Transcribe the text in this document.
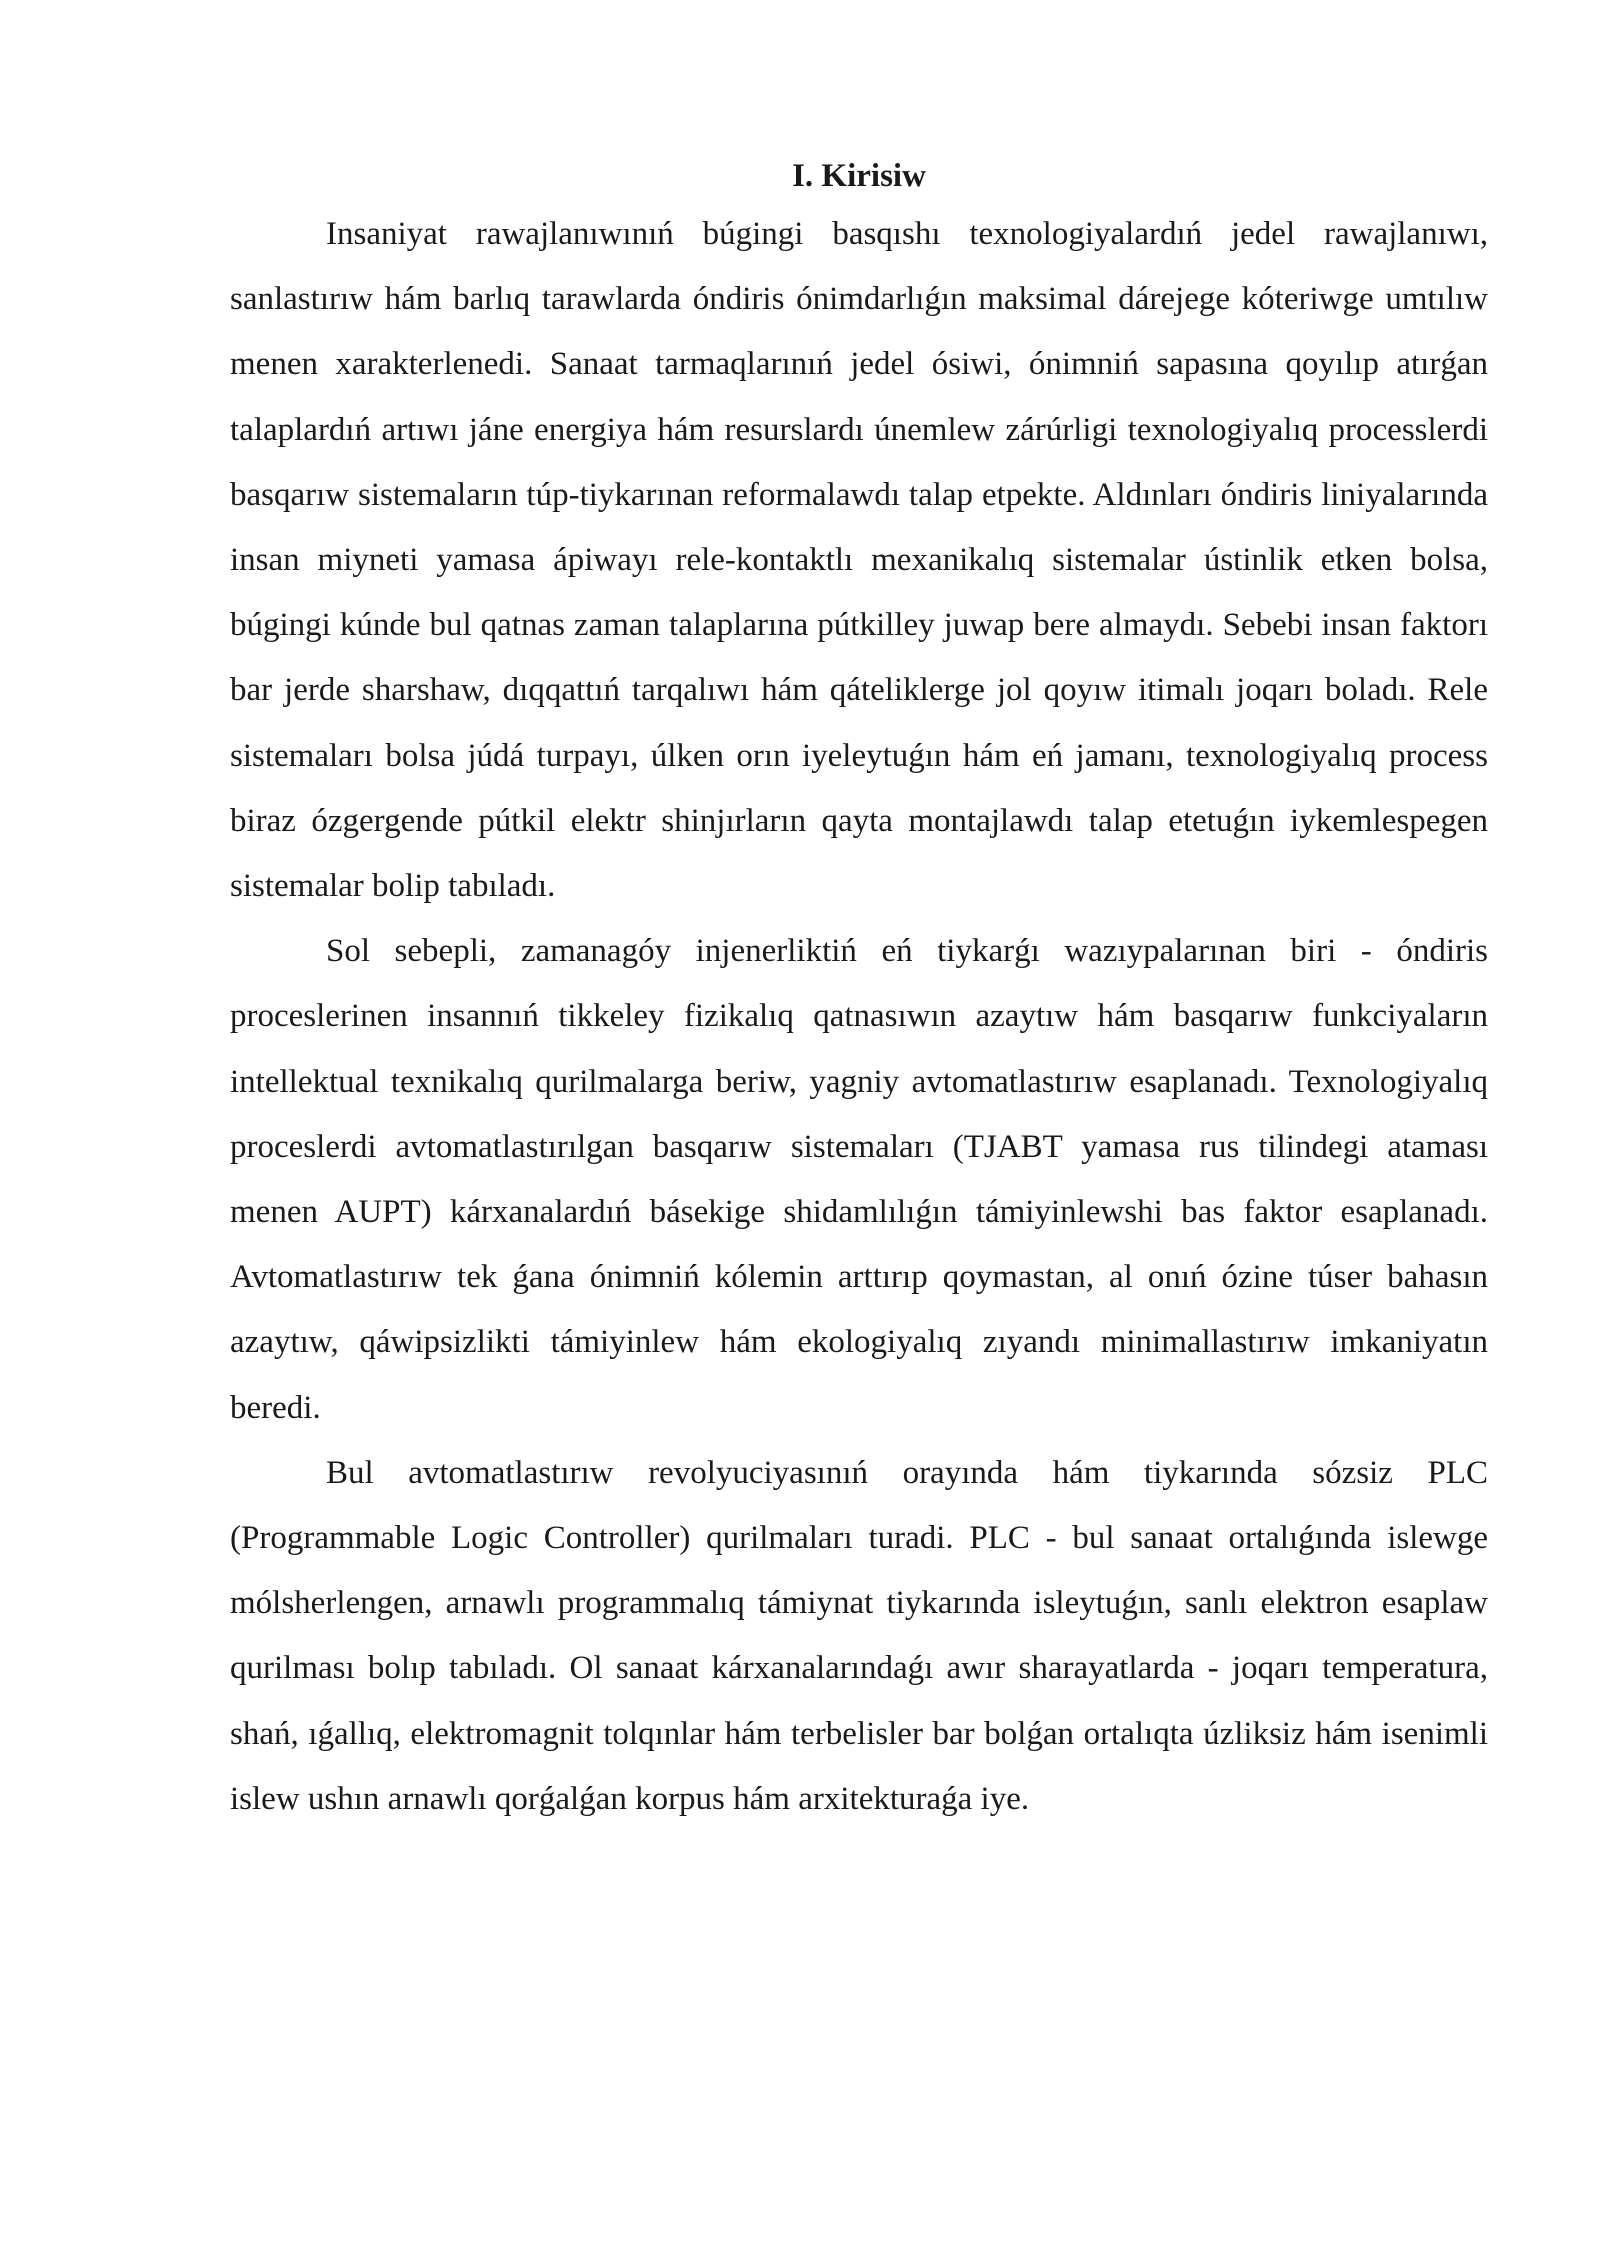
I. Kirisiw

Insaniyat rawajlanıwınıń búgingi basqıshı texnologiyalardıń jedel rawajlanıwı, sanlastırıw hám barlıq tarawlarda óndiris ónimdarlıǵın maksimal dárejege kóteriwge umtılıw menen xarakterlenedi. Sanaat tarmaqlarınıń jedel ósiwi, ónimniń sapasına qoyılıp atırǵan talaplardıń artıwı jáne energiya hám resurslardı únemlew zárúrligi texnologiyalıq processlerdi basqarıw sistemaların túp-tiykarınan reformalawdı talap etpekte. Aldınları óndiris liniyalarında insan miyneti yamasa ápiwayı rele-kontaktlı mexanikalıq sistemalar ústinlik etken bolsa, búgingi kúnde bul qatnas zaman talaplarına pútkilley juwap bere almaydı. Sebebi insan faktorı bar jerde sharshaw, dıqqattıń tarqalıwı hám qáteliklerge jol qoyıw itimalı joqarı boladı. Rele sistemaları bolsa júdá turpayı, úlken orın iyeleytuǵın hám eń jamanı, texnologiyalıq process biraz ózgergende pútkil elektr shinjırların qayta montajlawdı talap etetuǵın iykemlespegen sistemalar bolip tabıladı.

Sol sebepli, zamanagóy injenerliktiń eń tiykarǵı wazıypalarınan biri - óndiris proceslerinen insannıń tikkeley fizikalıq qatnasıwın azaytıw hám basqarıw funkciyaların intellektual texnikalıq qurilmalarga beriw, yagniy avtomatlastırıw esaplanadı. Texnologiyalıq proceslerdi avtomatlastırılgan basqarıw sistemaları (TJABT yamasa rus tilindegi ataması menen AUPT) kárxanalardıń básekige shidamlılıǵın támiyinlewshi bas faktor esaplanadı. Avtomatlastırıw tek ǵana ónimniń kólemin arttırıp qoymastan, al onıń ózine túser bahasın azaytıw, qáwipsizlikti támiyinlew hám ekologiyalıq zıyandı minimallastırıw imkaniyatın beredi.

Bul avtomatlastırıw revolyuciyasınıń orayında hám tiykarında sózsiz PLC (Programmable Logic Controller) qurilmaları turadi. PLC - bul sanaat ortalıǵında islewge mólsherlengen, arnawlı programmalıq támiynat tiykarında isleytuǵın, sanlı elektron esaplaw qurilması bolıp tabıladı. Ol sanaat kárxanalarındaǵı awır sharayatlarda - joqarı temperatura, shań, ıǵallıq, elektromagnit tolqınlar hám terbelisler bar bolǵan ortalıqta úzliksiz hám isenimli islew ushın arnawlı qorǵalǵan korpus hám arxitekturaǵa iye.
